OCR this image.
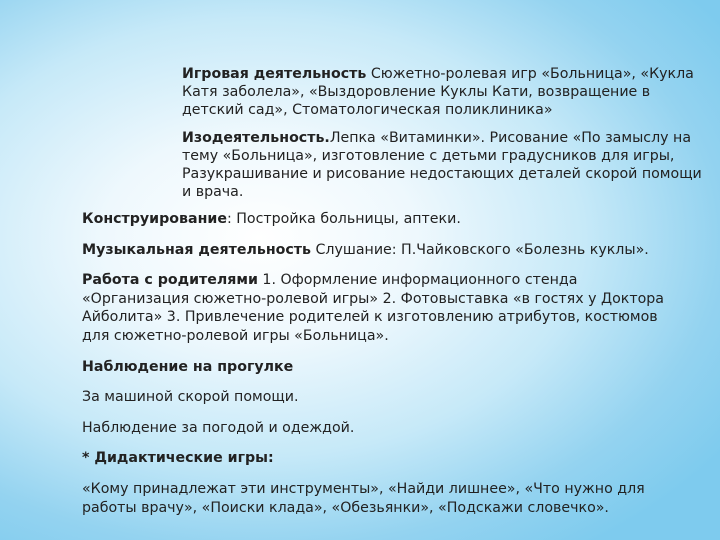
Игровая деятельность Сюжетно-ролевая игр «Больница», «Кукла Катя заболела», «Выздоровление Куклы Кати, возвращение в детский сад», Стоматологическая поликлиника»

Изодеятельность.Лепка «Витаминки». Рисование «По замыслу на тему «Больница», изготовление с детьми градусников для игры, Разукрашивание и рисование недостающих деталей скорой помощи и врача.

Конструирование: Постройка больницы, аптеки.
Музыкальная деятельность Слушание: П.Чайковского «Болезнь куклы».
Работа с родителями 1. Оформление информационного стенда «Организация сюжетно-ролевой игры» 2. Фотовыставка «в гостях у Доктора Айболита» 3. Привлечение родителей к изготовлению атрибутов, костюмов для сюжетно-ролевой игры «Больница».
Наблюдение на прогулке
За машиной скорой помощи.
Наблюдение за погодой и одеждой.
* Дидактические игры:
«Кому принадлежат эти инструменты», «Найди лишнее», «Что нужно для работы врачу», «Поиски клада», «Обезьянки», «Подскажи словечко».
